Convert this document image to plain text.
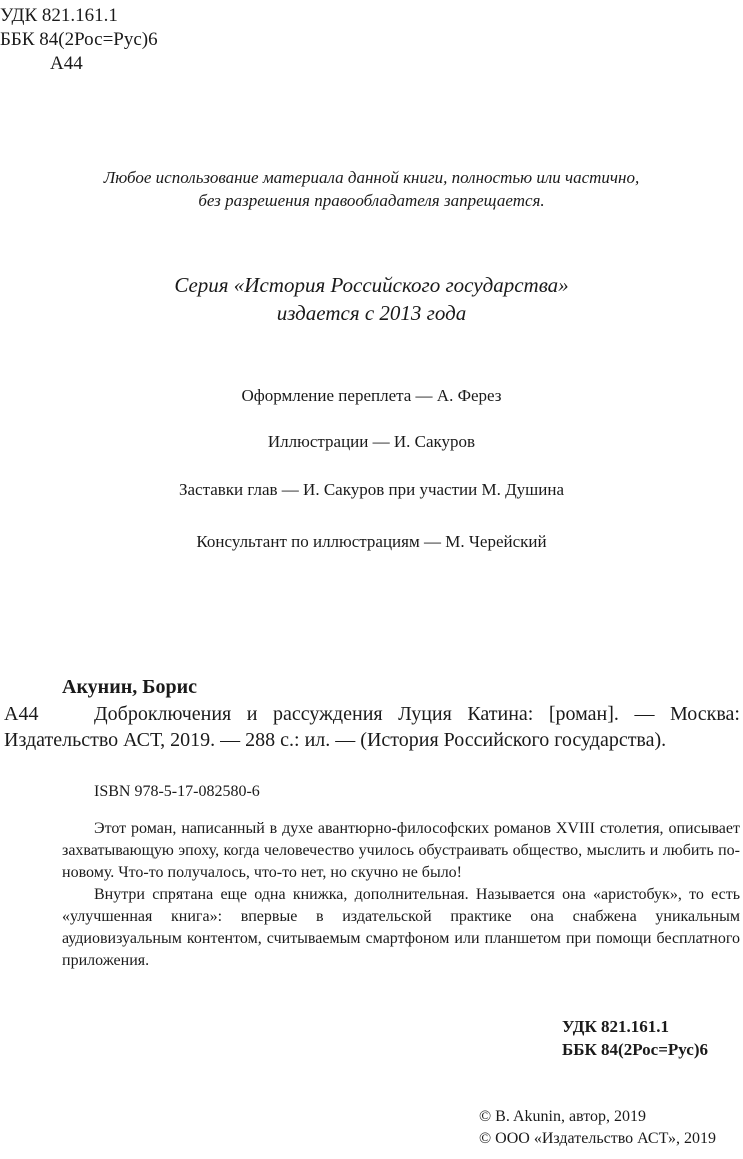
УДК 821.161.1
ББК 84(2Рос=Рус)6
А44
Любое использование материала данной книги, полностью или частично,
без разрешения правообладателя запрещается.
Серия «История Российского государства»
издается с 2013 года
Оформление переплета — А. Ферез
Иллюстрации — И. Сакуров
Заставки глав — И. Сакуров при участии М. Душина
Консультант по иллюстрациям — М. Черейский
Акунин, Борис
А44	Доброключения и рассуждения Луция Катина: [роман]. — Москва: Издательство АСТ, 2019. — 288 с.: ил. — (История Российского государства).
ISBN 978-5-17-082580-6

Этот роман, написанный в духе авантюрно-философских романов XVIII столетия, описывает захватывающую эпоху, когда человечество училось обустраивать общество, мыслить и любить по-новому. Что-то получалось, что-то нет, но скучно не было!

Внутри спрятана еще одна книжка, дополнительная. Называется она «аристобук», то есть «улучшенная книга»: впервые в издательской практике она снабжена уникальным аудиовизуальным контентом, считываемым смартфоном или планшетом при помощи бесплатного приложения.

УДК 821.161.1
ББК 84(2Рос=Рус)6
© B. Akunin, автор, 2019
© ООО «Издательство АСТ», 2019
